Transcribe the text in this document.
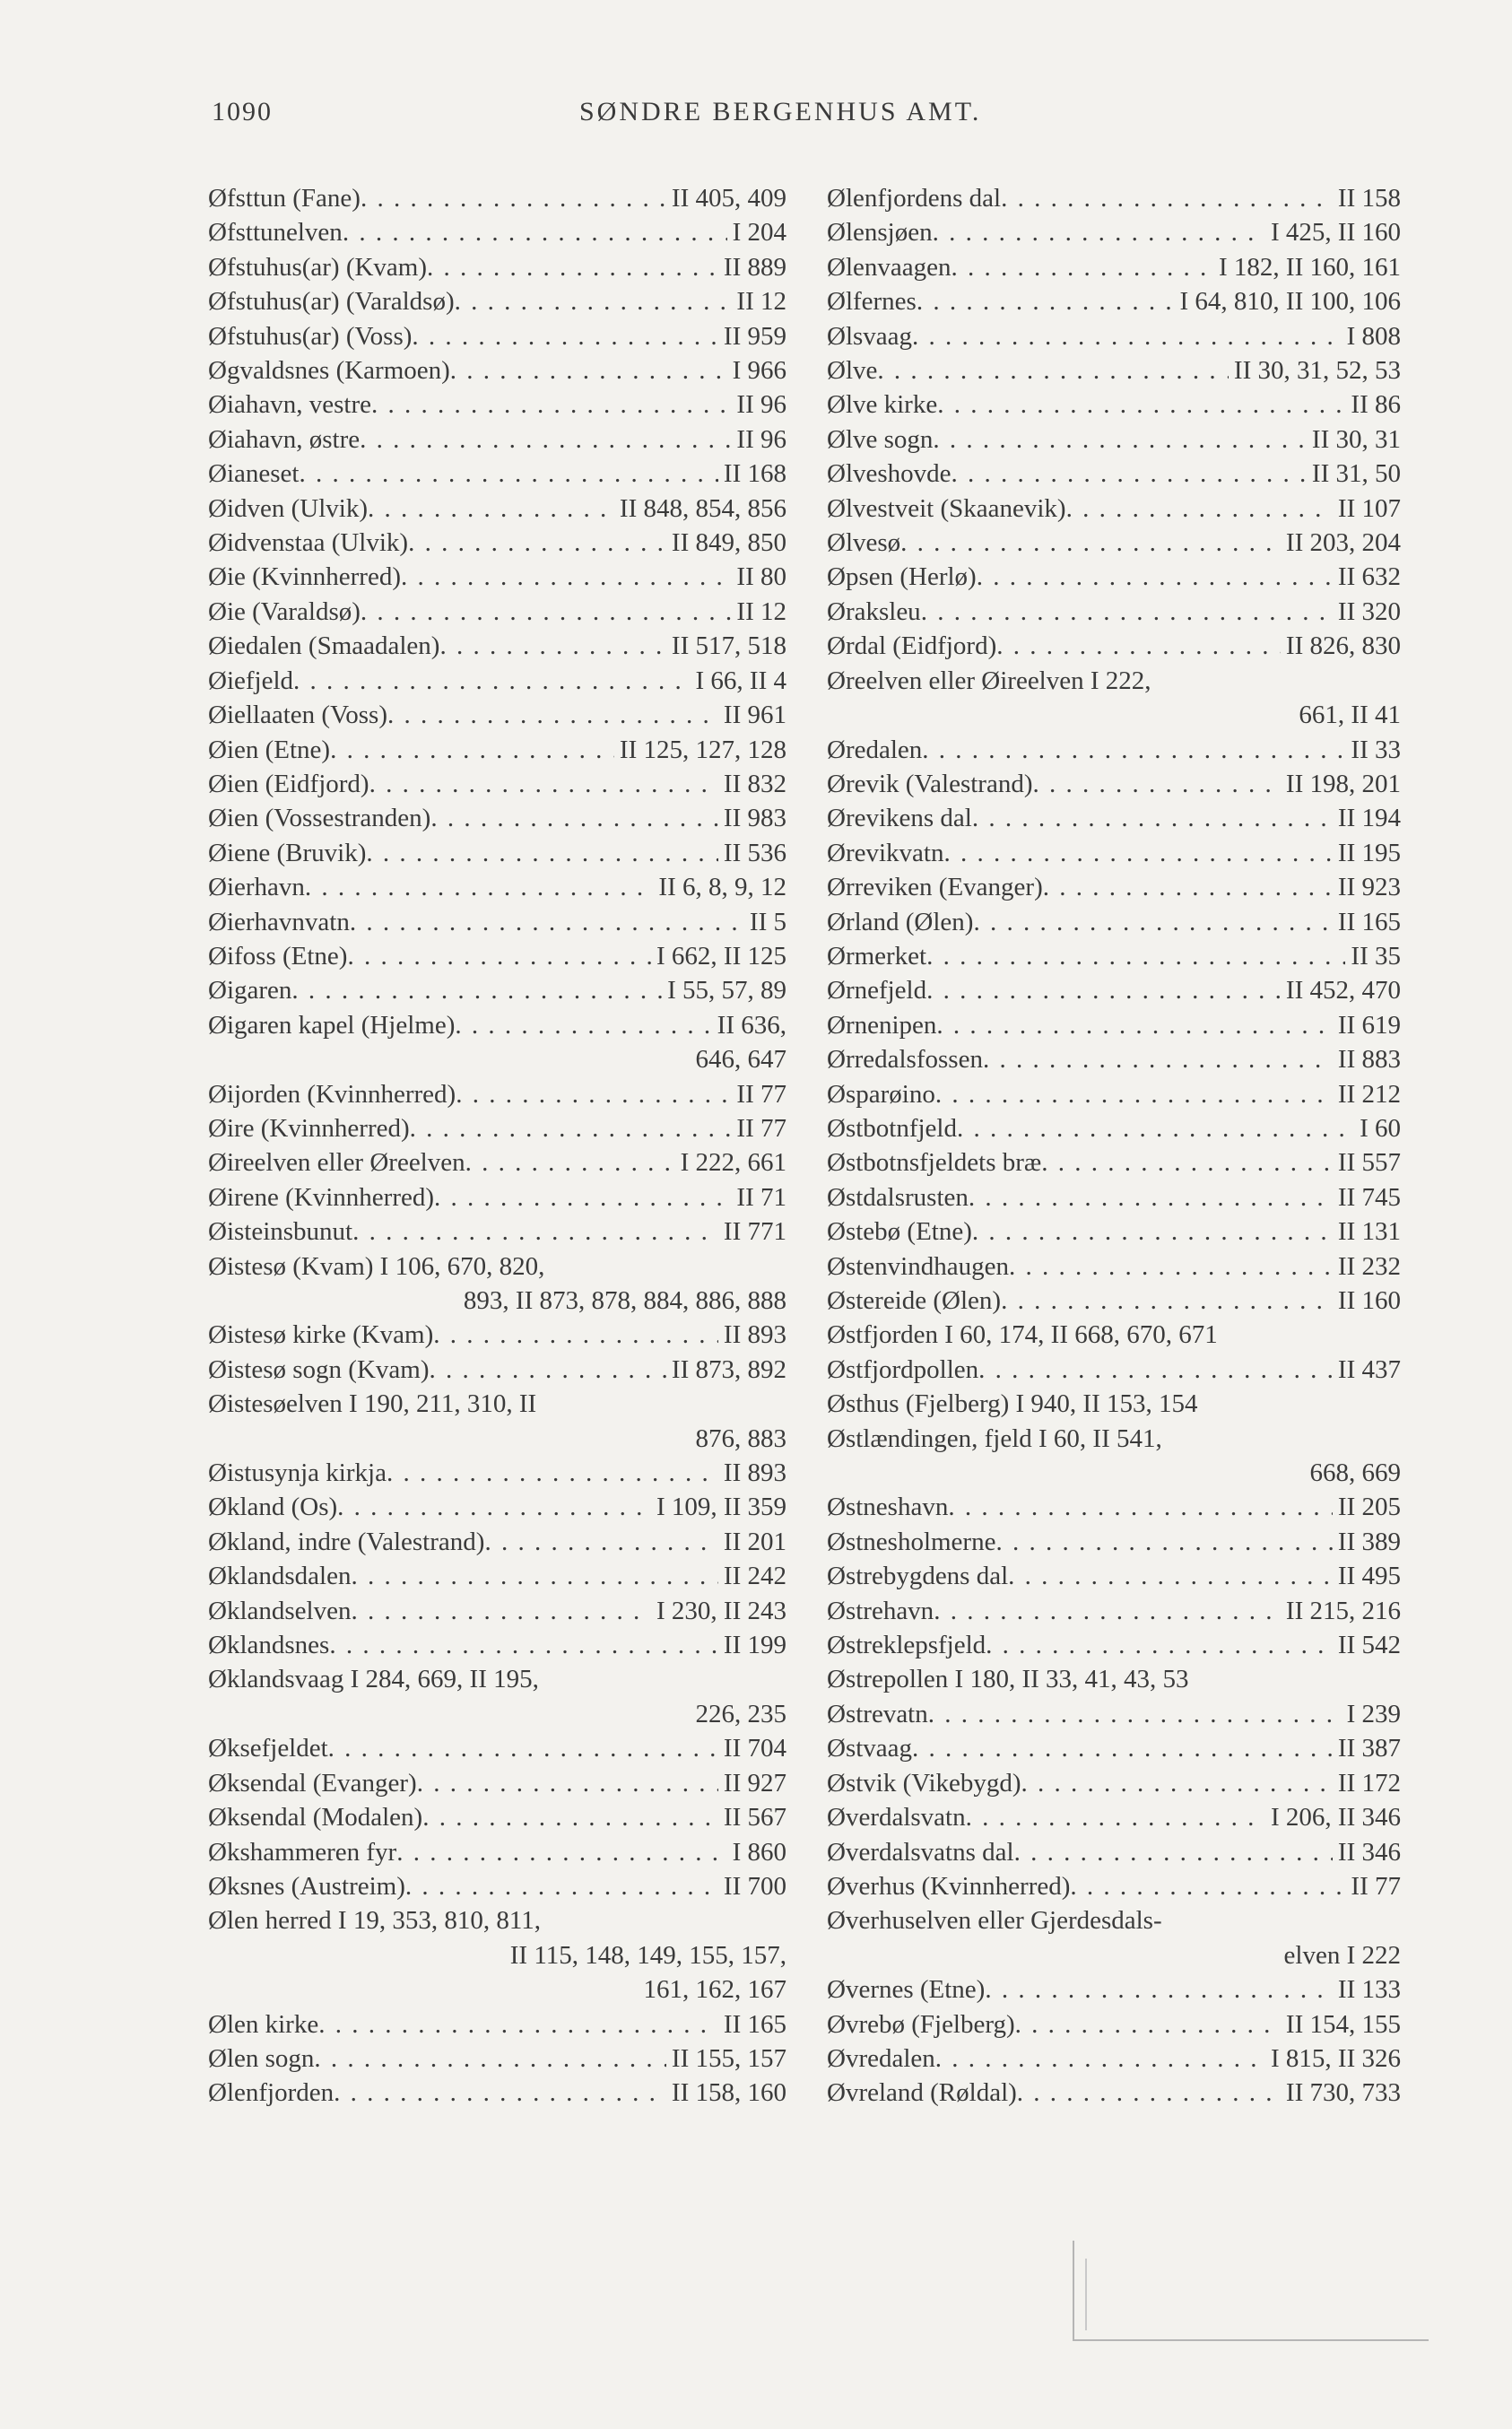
1090	SØNDRE BERGENHUS AMT.
Øfsttun (Fane) . . .	II 405, 409
Øfsttunelven . . .	I 204
Øfstuhus(ar) (Kvam) . . .	II 889
Øfstuhus(ar) (Varaldsø) . . .	II 12
Øfstuhus(ar) (Voss) . . .	II 959
Øgvaldsnes (Karmoen) . . .	I 966
Øiahavn, vestre . . .	II 96
Øiahavn, østre . . .	II 96
Øianeset . . .	II 168
Øidven (Ulvik) . . .	II 848, 854, 856
Øidvenstaa (Ulvik) . . .	II 849, 850
Øie (Kvinnherred) . . .	II 80
Øie (Varaldsø) . . .	II 12
Øiedalen (Smaadalen) . . .	II 517, 518
Øiefjeld . . .	I 66, II 4
Øiellaaten (Voss) . . .	II 961
Øien (Etne) . . .	II 125, 127, 128
Øien (Eidfjord) . . .	II 832
Øien (Vossestranden) . . .	II 983
Øiene (Bruvik) . . .	II 536
Øierhavn . . .	II 6, 8, 9, 12
Øierhavnvatn . . .	II 5
Øifoss (Etne) . . .	I 662, II 125
Øigaren . . .	I 55, 57, 89
Øigaren kapel (Hjelme) . . .	II 636,
646, 647
Øijorden (Kvinnherred) . . .	II 77
Øire (Kvinnherred) . . .	II 77
Øireelven eller Øreelven . . .	I 222, 661
Øirene (Kvinnherred) . . .	II 71
Øisteinsbunut . . .	II 771
Øistesø (Kvam) I 106, 670, 820,
893, II 873, 878, 884, 886, 888
Øistesø kirke (Kvam) . . .	II 893
Øistesø sogn (Kvam) . . .	II 873, 892
Øistesøelven I 190, 211, 310, II
876, 883
Øistusynja kirkja . . .	II 893
Økland (Os) . . .	I 109, II 359
Økland, indre (Valestrand) . . .	II 201
Øklandsdalen . . .	II 242
Øklandselven . . .	I 230, II 243
Øklandsnes . . .	II 199
Øklandsvaag I 284, 669, II 195,
226, 235
Øksefjeldet . . .	II 704
Øksendal (Evanger) . . .	II 927
Øksendal (Modalen) . . .	II 567
Økshammeren fyr . . .	I 860
Øksnes (Austreim) . . .	II 700
Ølen herred I 19, 353, 810, 811,
II 115, 148, 149, 155, 157,
161, 162, 167
Ølen kirke . . .	II 165
Ølen sogn . . .	II 155, 157
Ølenfjorden . . .	II 158, 160
Ølenfjordens dal . . .	II 158
Ølensjøen . . .	I 425, II 160
Ølenvaagen . . .	I 182, II 160, 161
Ølfernes . . .	I 64, 810, II 100, 106
Ølsvaag . . .	I 808
Ølve . . .	II 30, 31, 52, 53
Ølve kirke . . .	II 86
Ølve sogn . . .	II 30, 31
Ølveshovde . . .	II 31, 50
Ølvestveit (Skaanevik) . . .	II 107
Ølvesø . . .	II 203, 204
Øpsen (Herlø) . . .	II 632
Øraksleu . . .	II 320
Ørdal (Eidfjord) . . .	II 826, 830
Øreelven eller Øireelven I 222,
661, II 41
Øredalen . . .	II 33
Ørevik (Valestrand) . . .	II 198, 201
Ørevikens dal . . .	II 194
Ørevikvatn . . .	II 195
Ørreviken (Evanger) . . .	II 923
Ørland (Ølen) . . .	II 165
Ørmerket . . .	II 35
Ørnefjeld . . .	II 452, 470
Ørnenipen . . .	II 619
Ørredalsfossen . . .	II 883
Øsparøino . . .	II 212
Østbotnfjeld . . .	I 60
Østbotnsfjeldets bræ . . .	II 557
Østdalsrusten . . .	II 745
Østebø (Etne) . . .	II 131
Østenvindhaugen . . .	II 232
Østereide (Ølen) . . .	II 160
Østfjorden I 60, 174, II 668, 670, 671
Østfjordpollen . . .	II 437
Østhus (Fjelberg) I 940, II 153, 154
Østlændingen, fjeld I 60, II 541,
668, 669
Østneshavn . . .	II 205
Østnesholmerne . . .	II 389
Østrebygdens dal . . .	II 495
Østrehavn . . .	II 215, 216
Østreklepsfjeld . . .	II 542
Østrepollen I 180, II 33, 41, 43, 53
Østrevatn . . .	I 239
Østvaag . . .	II 387
Østvik (Vikebygd) . . .	II 172
Øverdalsvatn . . .	I 206, II 346
Øverdalsvatns dal . . .	II 346
Øverhus (Kvinnherred) . . .	II 77
Øverhuselven eller Gjerdesdals-
elven I 222
Øvernes (Etne) . . .	II 133
Øvrebø (Fjelberg) . . .	II 154, 155
Øvredalen . . .	I 815, II 326
Øvreland (Røldal) . . .	II 730, 733
